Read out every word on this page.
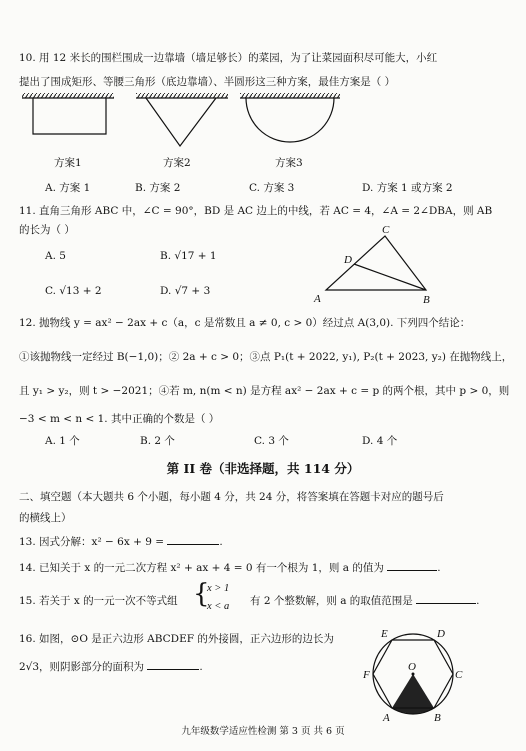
10. 用 12 米长的围栏围成一边靠墙（墙足够长）的菜园，为了让菜园面积尽可能大，小红
提出了围成矩形、等腰三角形（底边靠墙）、半圆形这三种方案，最佳方案是（ ）
方案1	方案2	方案3
A. 方案 1	B. 方案 2	C. 方案 3	D. 方案 1 或方案 2
11. 直角三角形 ABC 中，∠C = 90°，BD 是 AC 边上的中线，若 AC = 4，∠A = 2∠DBA，则 AB
的长为（ ）
A. 5	B. √17 + 1
C. √13 + 2	D. √7 + 3
A	B
C
D
12. 抛物线 y = ax² − 2ax + c（a，c 是常数且 a ≠ 0, c > 0）经过点 A(3,0). 下列四个结论：
①该抛物线一定经过 B(−1,0)；② 2a + c > 0；③点 P₁(t + 2022, y₁), P₂(t + 2023, y₂) 在抛物线上，
且 y₁ > y₂，则 t > −2021；④若 m, n(m < n) 是方程 ax² − 2ax + c = p 的两个根，其中 p > 0，则
−3 < m < n < 1. 其中正确的个数是（ ）
A. 1 个	B. 2 个	C. 3 个	D. 4 个
第 II 卷（非选择题，共 114 分）
二、填空题（本大题共 6 个小题，每小题 4 分，共 24 分，将答案填在答题卡对应的题号后
的横线上）
13. 因式分解：x² − 6x + 9 =	.
14. 已知关于 x 的一元二次方程 x² + ax + 4 = 0 有一个根为 1，则 a 的值为	.
15. 若关于 x 的一元一次不等式组 {
x > 1
x < a 有 2 个整数解，则 a 的取值范围是	.
16. 如图，⊙O 是正六边形 ABCDEF 的外接圆，正六边形的边长为
2√3，则阴影部分的面积为	.
E	D
F	C
O
A	B
九年级数学适应性检测 第 3 页 共 6 页
